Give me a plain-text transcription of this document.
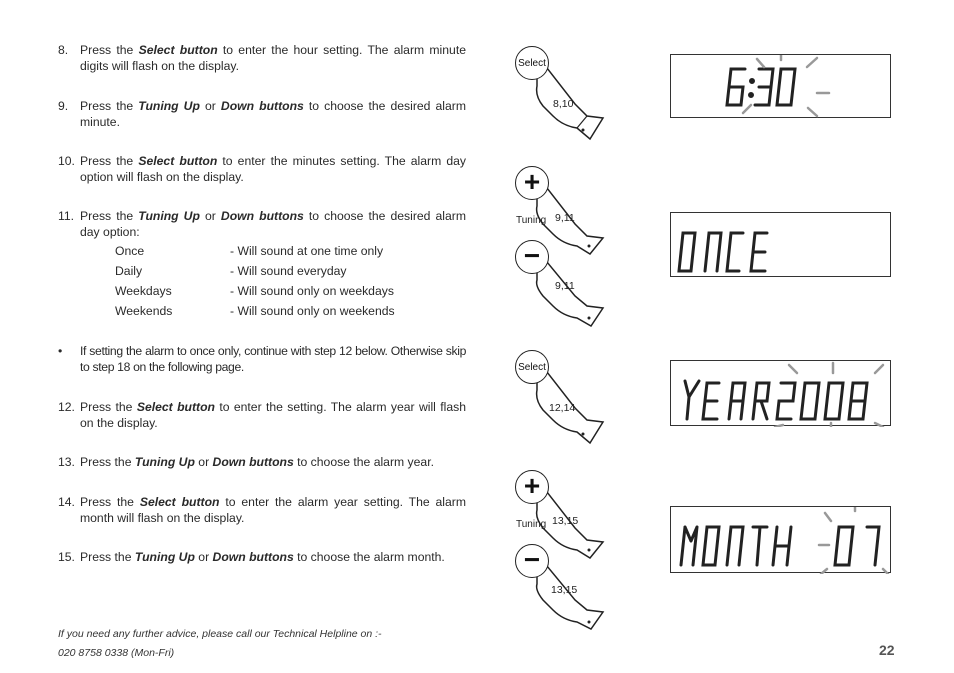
8. Press the Select button to enter the hour setting. The alarm minute digits will flash on the display.
9. Press the Tuning Up or Down buttons to choose the desired alarm minute.
10. Press the Select button to enter the minutes setting. The alarm day option will flash on the display.
11. Press the Tuning Up or Down buttons to choose the desired alarm day option:
Once	- Will sound at one time only
Daily	- Will sound everyday
Weekdays	- Will sound only on weekdays
Weekends	- Will sound only on weekends
•	If setting the alarm to once only, continue with step 12 below. Otherwise skip to step 18 on the following page.
12. Press the Select button to enter the setting. The alarm year will flash on the display.
13. Press the Tuning Up or Down buttons to choose the alarm year.
14. Press the Select button to enter the alarm year setting. The alarm month will flash on the display.
15. Press the Tuning Up or Down buttons to choose the alarm month.
If you need any further advice, please call our Technical Helpline on :-
020 8758 0338 (Mon-Fri)	22
Select
8,10
+
9,11
Tuning
−
9,11
Select
12,14
+
13,15
Tuning
−
13,15
